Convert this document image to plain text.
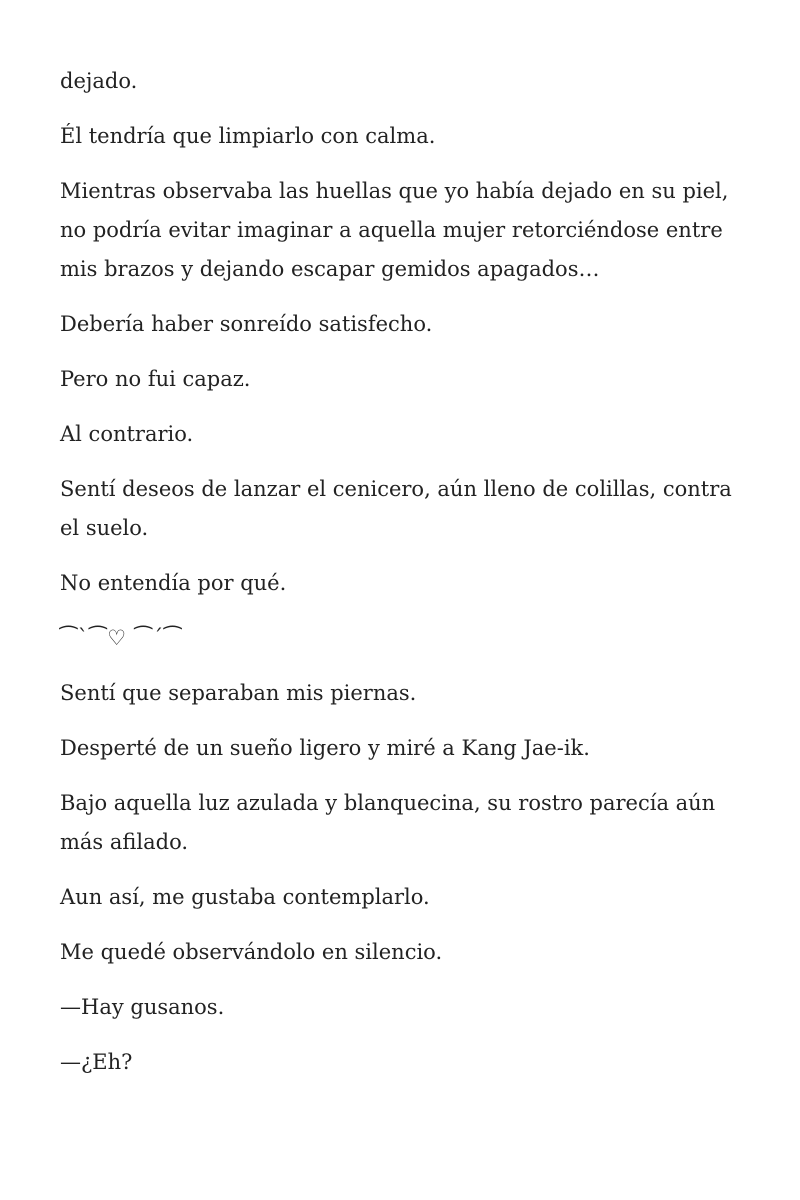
dejado.

Él tendría que limpiarlo con calma.

Mientras observaba las huellas que yo había dejado en su piel, no podría evitar imaginar a aquella mujer retorciéndose entre mis brazos y dejando escapar gemidos apagados…

Debería haber sonreído satisfecho.

Pero no fui capaz.

Al contrario.

Sentí deseos de lanzar el cenicero, aún lleno de colillas, contra el suelo.

No entendía por qué.

⁀`⁀♡ ⁀´⁀

Sentí que separaban mis piernas.

Desperté de un sueño ligero y miré a Kang Jae-ik.

Bajo aquella luz azulada y blanquecina, su rostro parecía aún más afilado.

Aun así, me gustaba contemplarlo.

Me quedé observándolo en silencio.

—Hay gusanos.

—¿Eh?
